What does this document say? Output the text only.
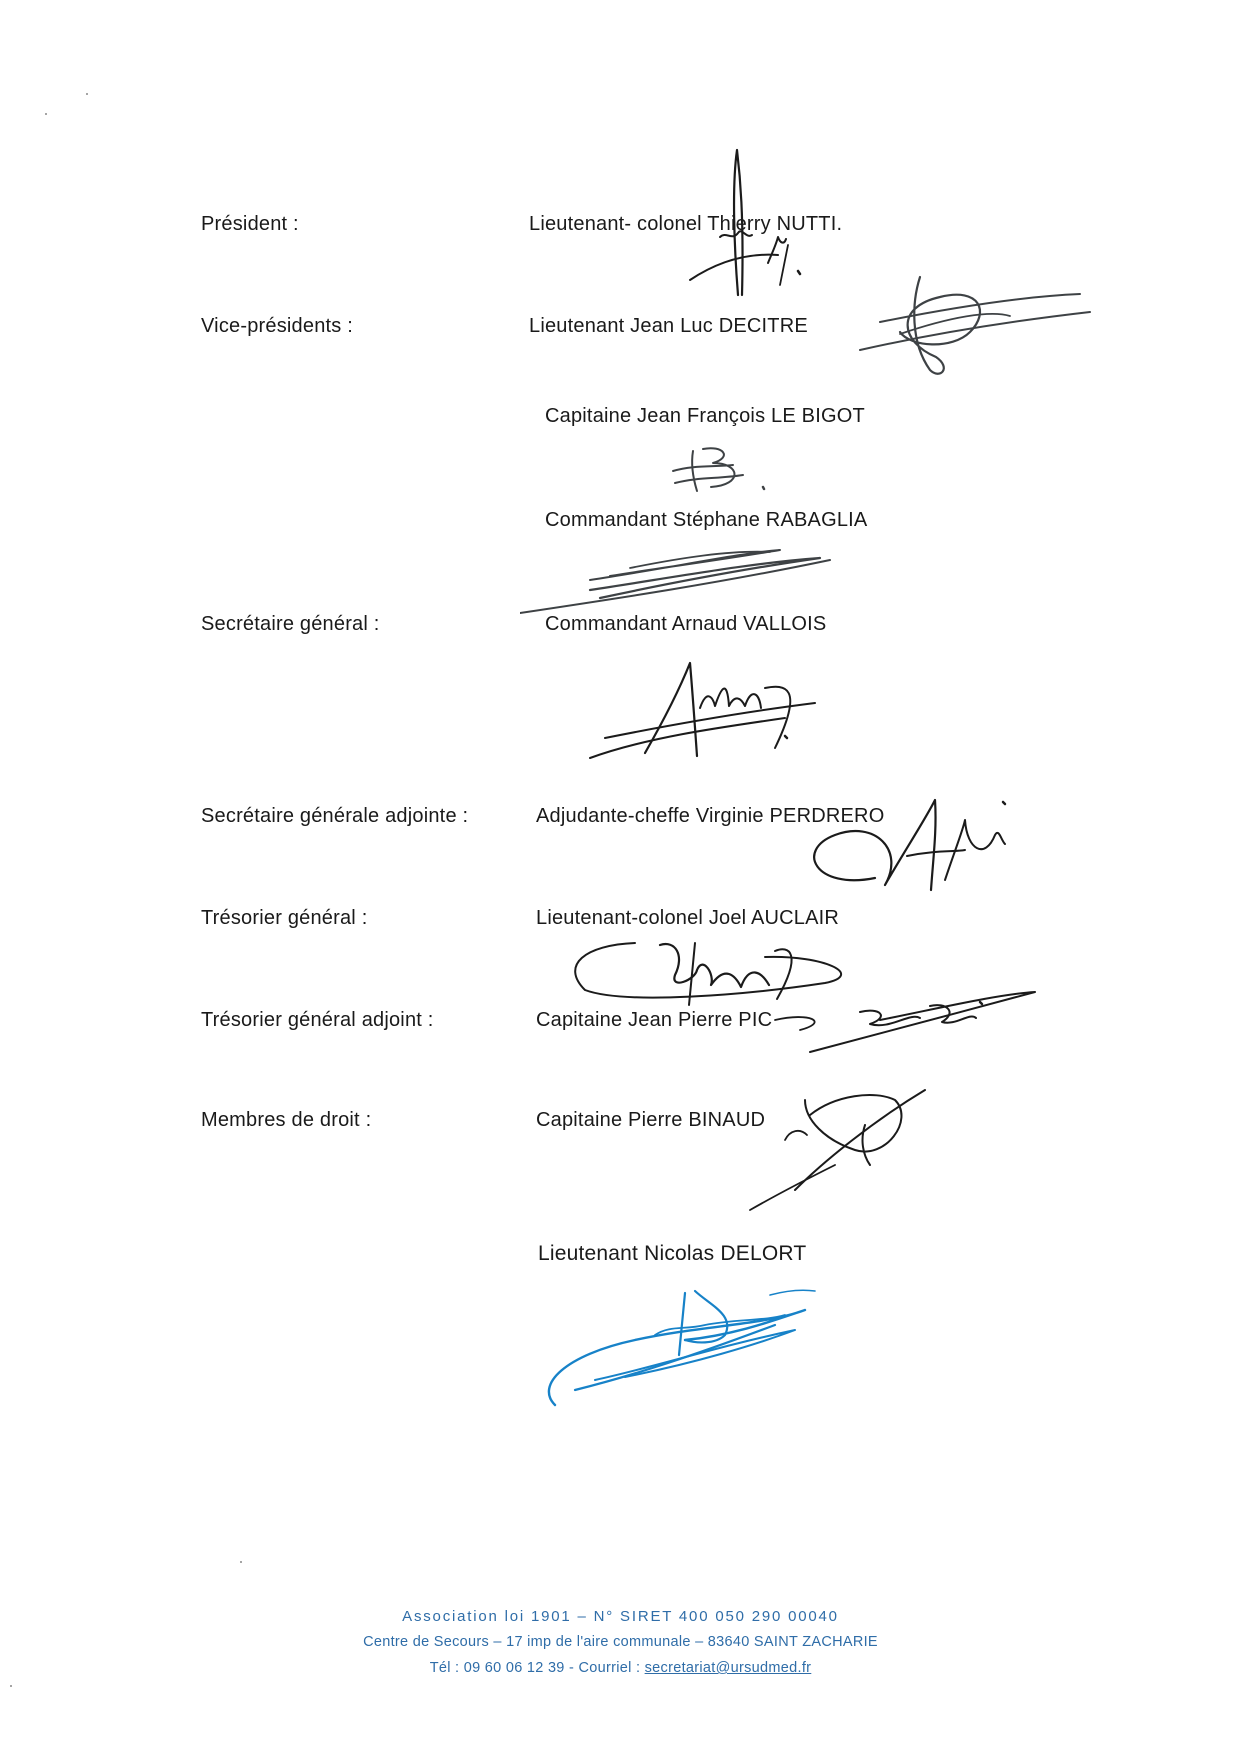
Président :
Vice-présidents :
Secrétaire général :
Secrétaire générale adjointe :
Trésorier général :
Trésorier général adjoint :
Membres de droit :
Lieutenant- colonel Thierry NUTTI.
Lieutenant Jean Luc DECITRE
Capitaine Jean François LE BIGOT
Commandant Stéphane RABAGLIA
Commandant Arnaud VALLOIS
Adjudante-cheffe Virginie PERDRERO
Lieutenant-colonel Joel AUCLAIR
Capitaine Jean Pierre PIC
Capitaine Pierre BINAUD
Lieutenant Nicolas DELORT
Association loi 1901 – N° SIRET 400 050 290 00040
Centre de Secours – 17 imp de l'aire communale – 83640 SAINT ZACHARIE
Tél : 09 60 06 12 39 - Courriel : secretariat@ursudmed.fr
